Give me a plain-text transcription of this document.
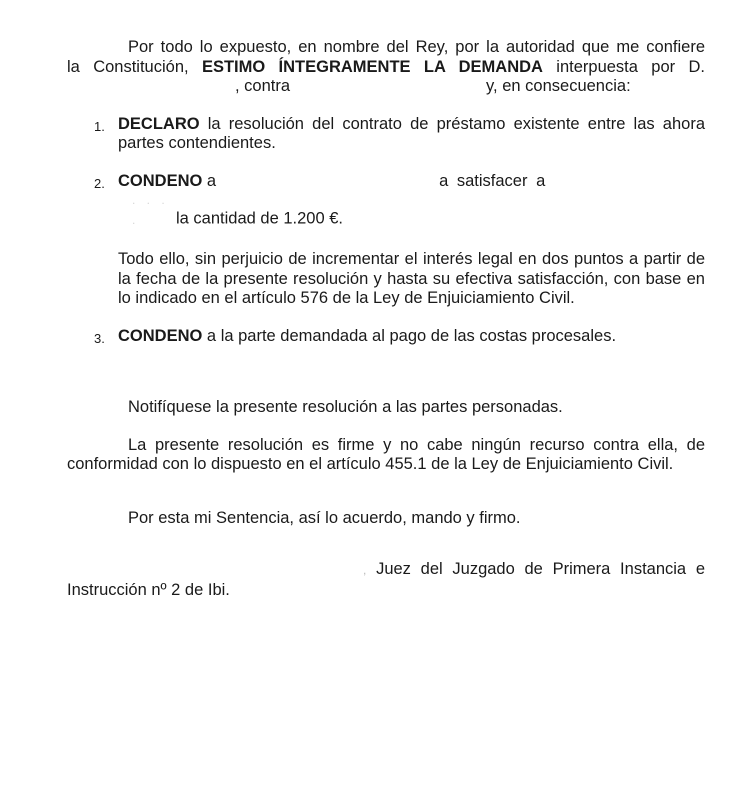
Por todo lo expuesto, en nombre del Rey, por la autoridad que me confiere

la Constitución, ESTIMO ÍNTEGRAMENTE LA DEMANDA interpuesta por D.

, contra	y, en consecuencia:

1. DECLARO la resolución del contrato de préstamo existente entre las ahora partes contendientes.

2. CONDENO a	a satisfacer a

. . . . la cantidad de 1.200 €.

Todo ello, sin perjuicio de incrementar el interés legal en dos puntos a partir de la fecha de la presente resolución y hasta su efectiva satisfacción, con base en lo indicado en el artículo 576 de la Ley de Enjuiciamiento Civil.

3. CONDENO a la parte demandada al pago de las costas procesales.

Notifíquese la presente resolución a las partes personadas.

La presente resolución es firme y no cabe ningún recurso contra ella, de conformidad con lo dispuesto en el artículo 455.1 de la Ley de Enjuiciamiento Civil.

Por esta mi Sentencia, así lo acuerdo, mando y firmo.

, Juez del Juzgado de Primera Instancia e

Instrucción nº 2 de Ibi.
